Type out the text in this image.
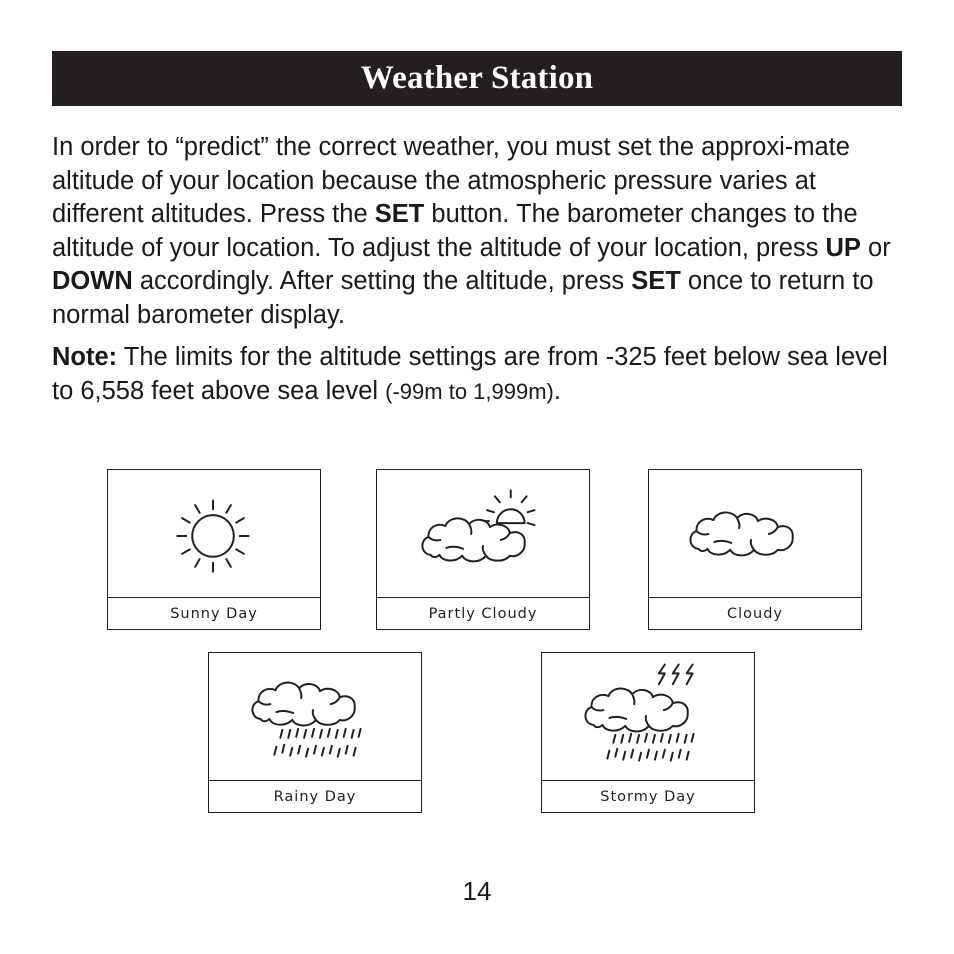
Weather Station

In order to “predict” the correct weather, you must set the approxi-mate altitude of your location because the atmospheric pressure varies at different altitudes. Press the SET button. The barometer changes to the altitude of your location. To adjust the altitude of your location, press UP or DOWN accordingly. After setting the altitude, press SET once to return to normal barometer display.

Note: The limits for the altitude settings are from -325 feet below sea level to 6,558 feet above sea level (-99m to 1,999m).

Sunny Day	Partly Cloudy	Cloudy
Rainy Day	Stormy Day
14
